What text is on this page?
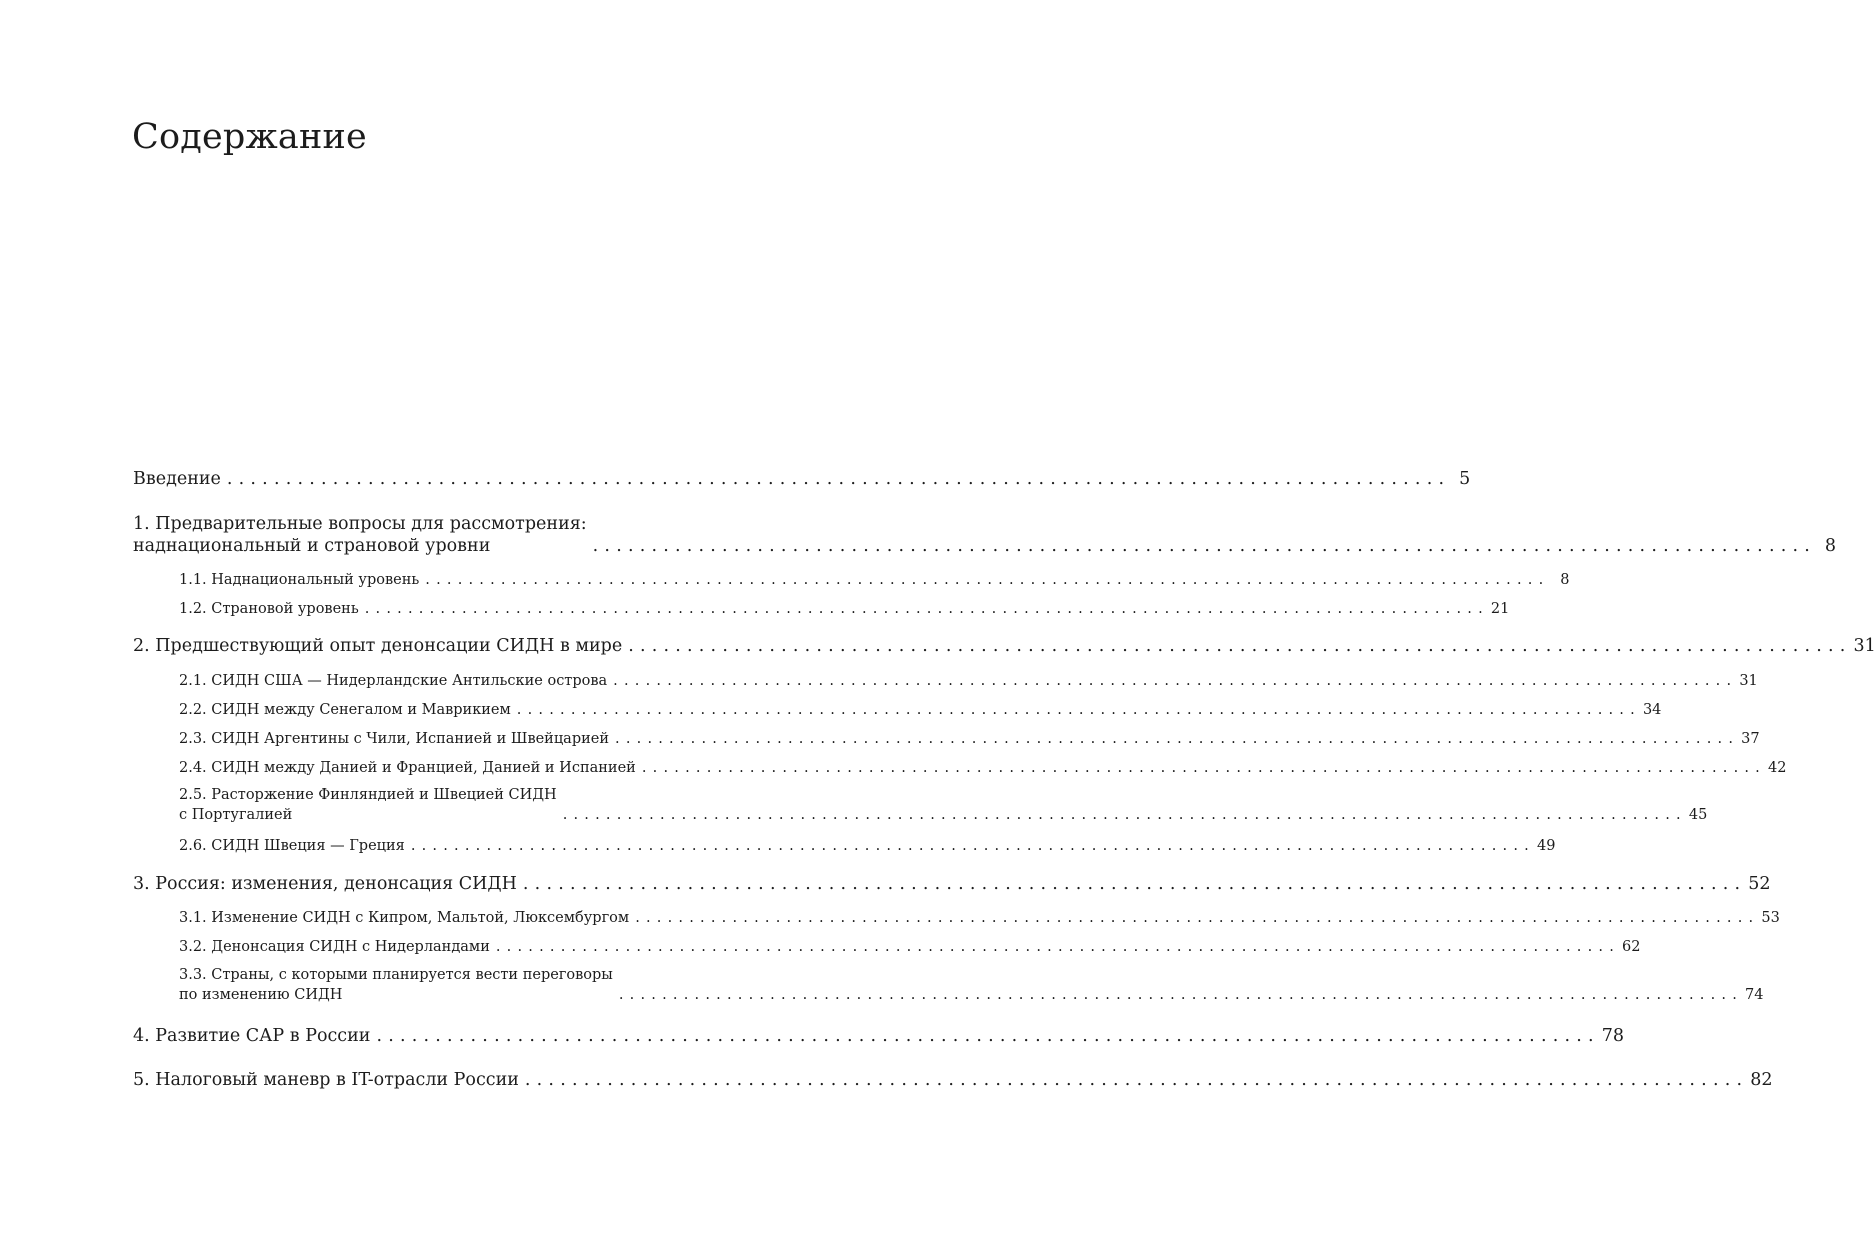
Содержание
Введение ........................................................................................................ 5
1. Предварительные вопросы для рассмотрения:
наднациональный и страновой уровни	........................................................................................................ 8
1.1. Наднациональный уровень ........................................................................................................ 8
1.2. Страновой уровень ........................................................................................................ 21
2. Предшествующий опыт денонсации СИДН в мире ........................................................................................................ 31
2.1. СИДН США — Нидерландские Антильские острова ........................................................................................................ 31
2.2. СИДН между Сенегалом и Маврикием ........................................................................................................ 34
2.3. СИДН Аргентины с Чили, Испанией и Швейцарией ........................................................................................................ 37
2.4. СИДН между Данией и Францией, Данией и Испанией ........................................................................................................ 42
2.5. Расторжение Финляндией и Швецией СИДН
с Португалией	........................................................................................................ 45
2.6. СИДН Швеция — Греция ........................................................................................................ 49
3. Россия: изменения, денонсация СИДН ........................................................................................................ 52
3.1. Изменение СИДН с Кипром, Мальтой, Люксембургом ........................................................................................................ 53
3.2. Денонсация СИДН с Нидерландами ........................................................................................................ 62
3.3. Страны, с которыми планируется вести переговоры
по изменению СИДН	........................................................................................................ 74
4. Развитие САР в России ........................................................................................................ 78
5. Налоговый маневр в IT-отрасли России ........................................................................................................ 82
